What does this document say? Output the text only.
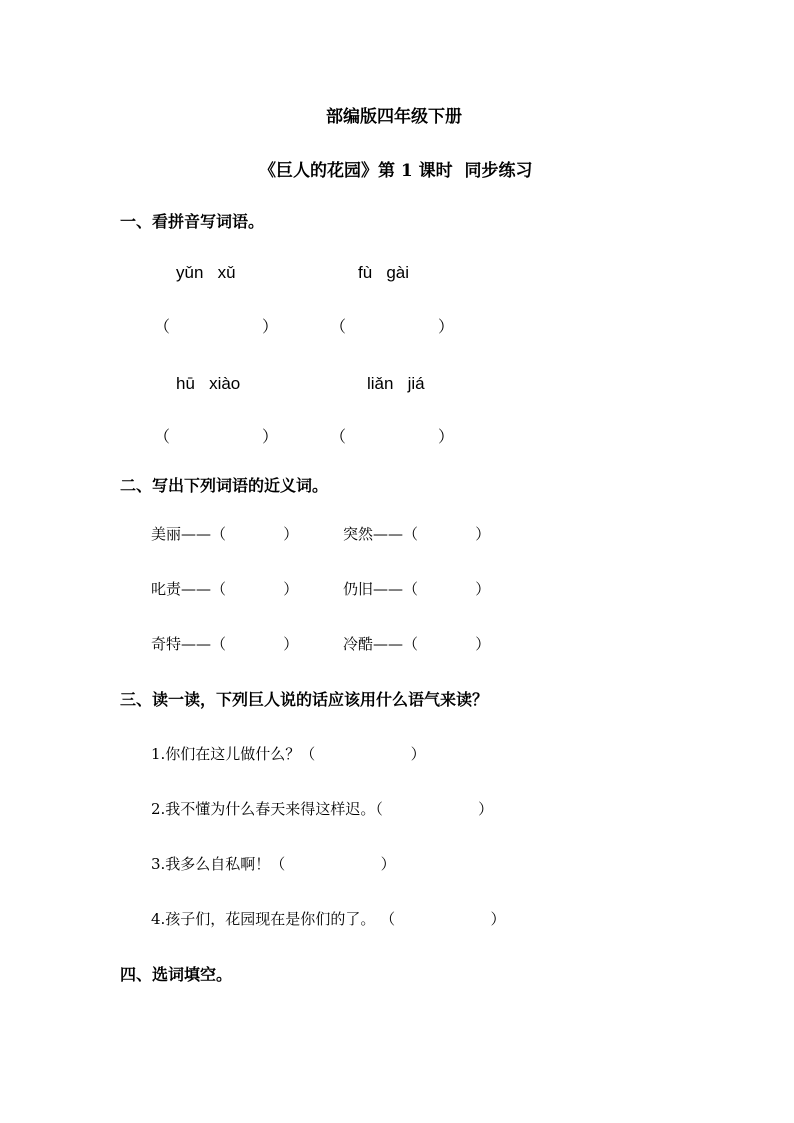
部编版四年级下册
《巨人的花园》第 1 课时  同步练习
一、看拼音写词语。
yǔn   xǔ	fù   gài
（	）	（	）
hū   xiào	liǎn   jiá
（	）	（	）
二、写出下列词语的近义词。
美丽——（            ）	突然——（            ）
叱责——（            ）	仍旧——（            ）
奇特——（            ）	冷酷——（            ）
三、读一读，下列巨人说的话应该用什么语气来读？
1.你们在这儿做什么？（                    ）
2.我不懂为什么春天来得这样迟。（                    ）
3.我多么自私啊！（                    ）
4.孩子们，花园现在是你们的了。 （                    ）
四、选词填空。
